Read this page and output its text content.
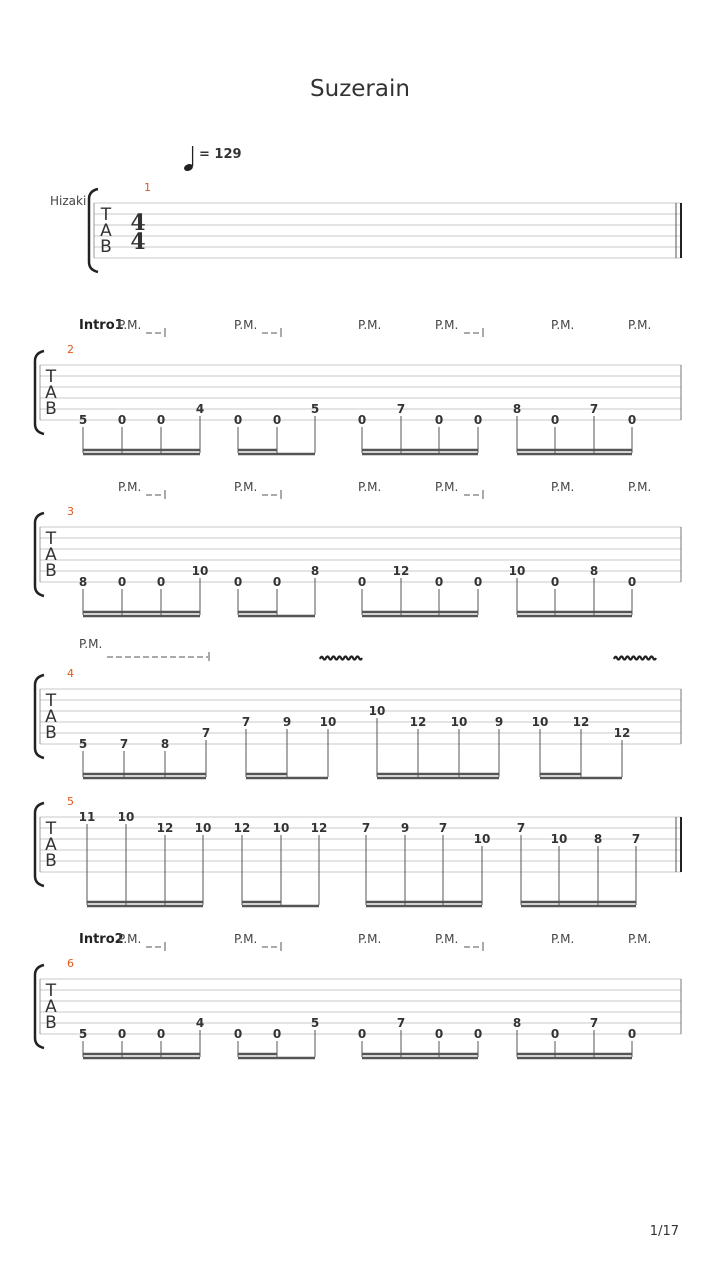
Suzerain
= 129
T
A
B
1
Hizaki
4
4
T
A
B
2
Intro1
P.M.	P.M.	P.M.	P.M.	P.M.	P.M.
5	0	0
4
0	0
5
0
7
0	0
8
0
7
0
T
A
B
3
P.M.	P.M.	P.M.	P.M.	P.M.	P.M.
8	0	0
10
0	0
8
0
12
0	0
10
0
8
0
T
A
B
4
P.M.
5	7	8
7
7	9 10
10
12 10 9 10 12
12
T
A
B
5
11 10
12 10 12 10 12	7	9 7
10
7
10 8 7
T
A
B
6
Intro2
P.M.	P.M.	P.M.	P.M.	P.M.	P.M.
5	0	0
4
0	0
5
0
7
0	0
8
0
7
0
1/17
